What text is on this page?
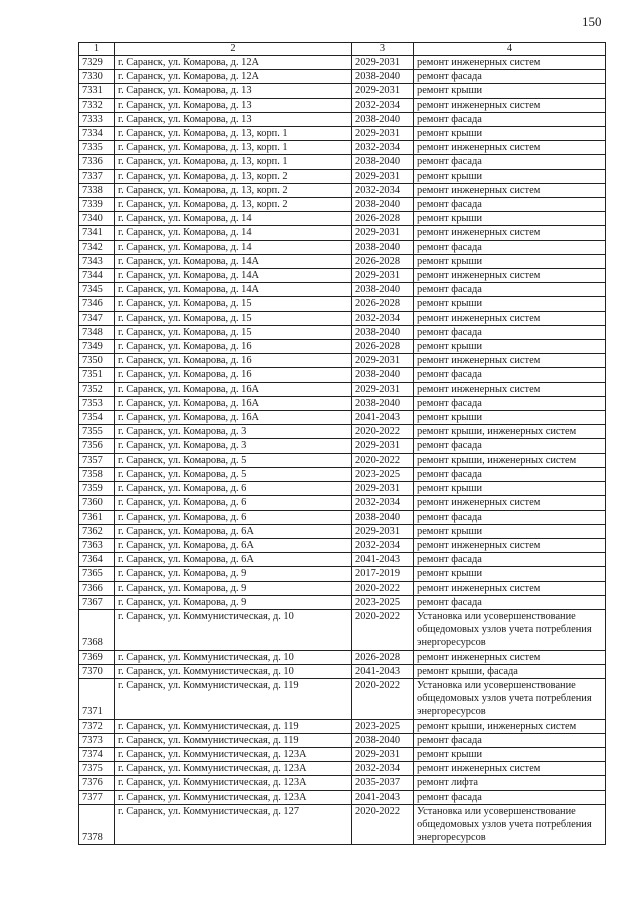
150
1	2	3	4
7329	г. Саранск, ул. Комарова, д. 12А	2029-2031	ремонт инженерных систем
7330	г. Саранск, ул. Комарова, д. 12А	2038-2040	ремонт фасада
7331	г. Саранск, ул. Комарова, д. 13	2029-2031	ремонт крыши
7332	г. Саранск, ул. Комарова, д. 13	2032-2034	ремонт инженерных систем
7333	г. Саранск, ул. Комарова, д. 13	2038-2040	ремонт фасада
7334	г. Саранск, ул. Комарова, д. 13, корп. 1	2029-2031	ремонт крыши
7335	г. Саранск, ул. Комарова, д. 13, корп. 1	2032-2034	ремонт инженерных систем
7336	г. Саранск, ул. Комарова, д. 13, корп. 1	2038-2040	ремонт фасада
7337	г. Саранск, ул. Комарова, д. 13, корп. 2	2029-2031	ремонт крыши
7338	г. Саранск, ул. Комарова, д. 13, корп. 2	2032-2034	ремонт инженерных систем
7339	г. Саранск, ул. Комарова, д. 13, корп. 2	2038-2040	ремонт фасада
7340	г. Саранск, ул. Комарова, д. 14	2026-2028	ремонт крыши
7341	г. Саранск, ул. Комарова, д. 14	2029-2031	ремонт инженерных систем
7342	г. Саранск, ул. Комарова, д. 14	2038-2040	ремонт фасада
7343	г. Саранск, ул. Комарова, д. 14А	2026-2028	ремонт крыши
7344	г. Саранск, ул. Комарова, д. 14А	2029-2031	ремонт инженерных систем
7345	г. Саранск, ул. Комарова, д. 14А	2038-2040	ремонт фасада
7346	г. Саранск, ул. Комарова, д. 15	2026-2028	ремонт крыши
7347	г. Саранск, ул. Комарова, д. 15	2032-2034	ремонт инженерных систем
7348	г. Саранск, ул. Комарова, д. 15	2038-2040	ремонт фасада
7349	г. Саранск, ул. Комарова, д. 16	2026-2028	ремонт крыши
7350	г. Саранск, ул. Комарова, д. 16	2029-2031	ремонт инженерных систем
7351	г. Саранск, ул. Комарова, д. 16	2038-2040	ремонт фасада
7352	г. Саранск, ул. Комарова, д. 16А	2029-2031	ремонт инженерных систем
7353	г. Саранск, ул. Комарова, д. 16А	2038-2040	ремонт фасада
7354	г. Саранск, ул. Комарова, д. 16А	2041-2043	ремонт крыши
7355	г. Саранск, ул. Комарова, д. 3	2020-2022	ремонт крыши, инженерных систем
7356	г. Саранск, ул. Комарова, д. 3	2029-2031	ремонт фасада
7357	г. Саранск, ул. Комарова, д. 5	2020-2022	ремонт крыши, инженерных систем
7358	г. Саранск, ул. Комарова, д. 5	2023-2025	ремонт фасада
7359	г. Саранск, ул. Комарова, д. 6	2029-2031	ремонт крыши
7360	г. Саранск, ул. Комарова, д. 6	2032-2034	ремонт инженерных систем
7361	г. Саранск, ул. Комарова, д. 6	2038-2040	ремонт фасада
7362	г. Саранск, ул. Комарова, д. 6А	2029-2031	ремонт крыши
7363	г. Саранск, ул. Комарова, д. 6А	2032-2034	ремонт инженерных систем
7364	г. Саранск, ул. Комарова, д. 6А	2041-2043	ремонт фасада
7365	г. Саранск, ул. Комарова, д. 9	2017-2019	ремонт крыши
7366	г. Саранск, ул. Комарова, д. 9	2020-2022	ремонт инженерных систем
7367	г. Саранск, ул. Комарова, д. 9	2023-2025	ремонт фасада
7368	г. Саранск, ул. Коммунистическая, д. 10	2020-2022	Установка или усовершенствование общедомовых узлов учета потребления энергоресурсов
7369	г. Саранск, ул. Коммунистическая, д. 10	2026-2028	ремонт инженерных систем
7370	г. Саранск, ул. Коммунистическая, д. 10	2041-2043	ремонт крыши, фасада
7371	г. Саранск, ул. Коммунистическая, д. 119	2020-2022	Установка или усовершенствование общедомовых узлов учета потребления энергоресурсов
7372	г. Саранск, ул. Коммунистическая, д. 119	2023-2025	ремонт крыши, инженерных систем
7373	г. Саранск, ул. Коммунистическая, д. 119	2038-2040	ремонт фасада
7374	г. Саранск, ул. Коммунистическая, д. 123А	2029-2031	ремонт крыши
7375	г. Саранск, ул. Коммунистическая, д. 123А	2032-2034	ремонт инженерных систем
7376	г. Саранск, ул. Коммунистическая, д. 123А	2035-2037	ремонт лифта
7377	г. Саранск, ул. Коммунистическая, д. 123А	2041-2043	ремонт фасада
7378	г. Саранск, ул. Коммунистическая, д. 127	2020-2022	Установка или усовершенствование общедомовых узлов учета потребления энергоресурсов
